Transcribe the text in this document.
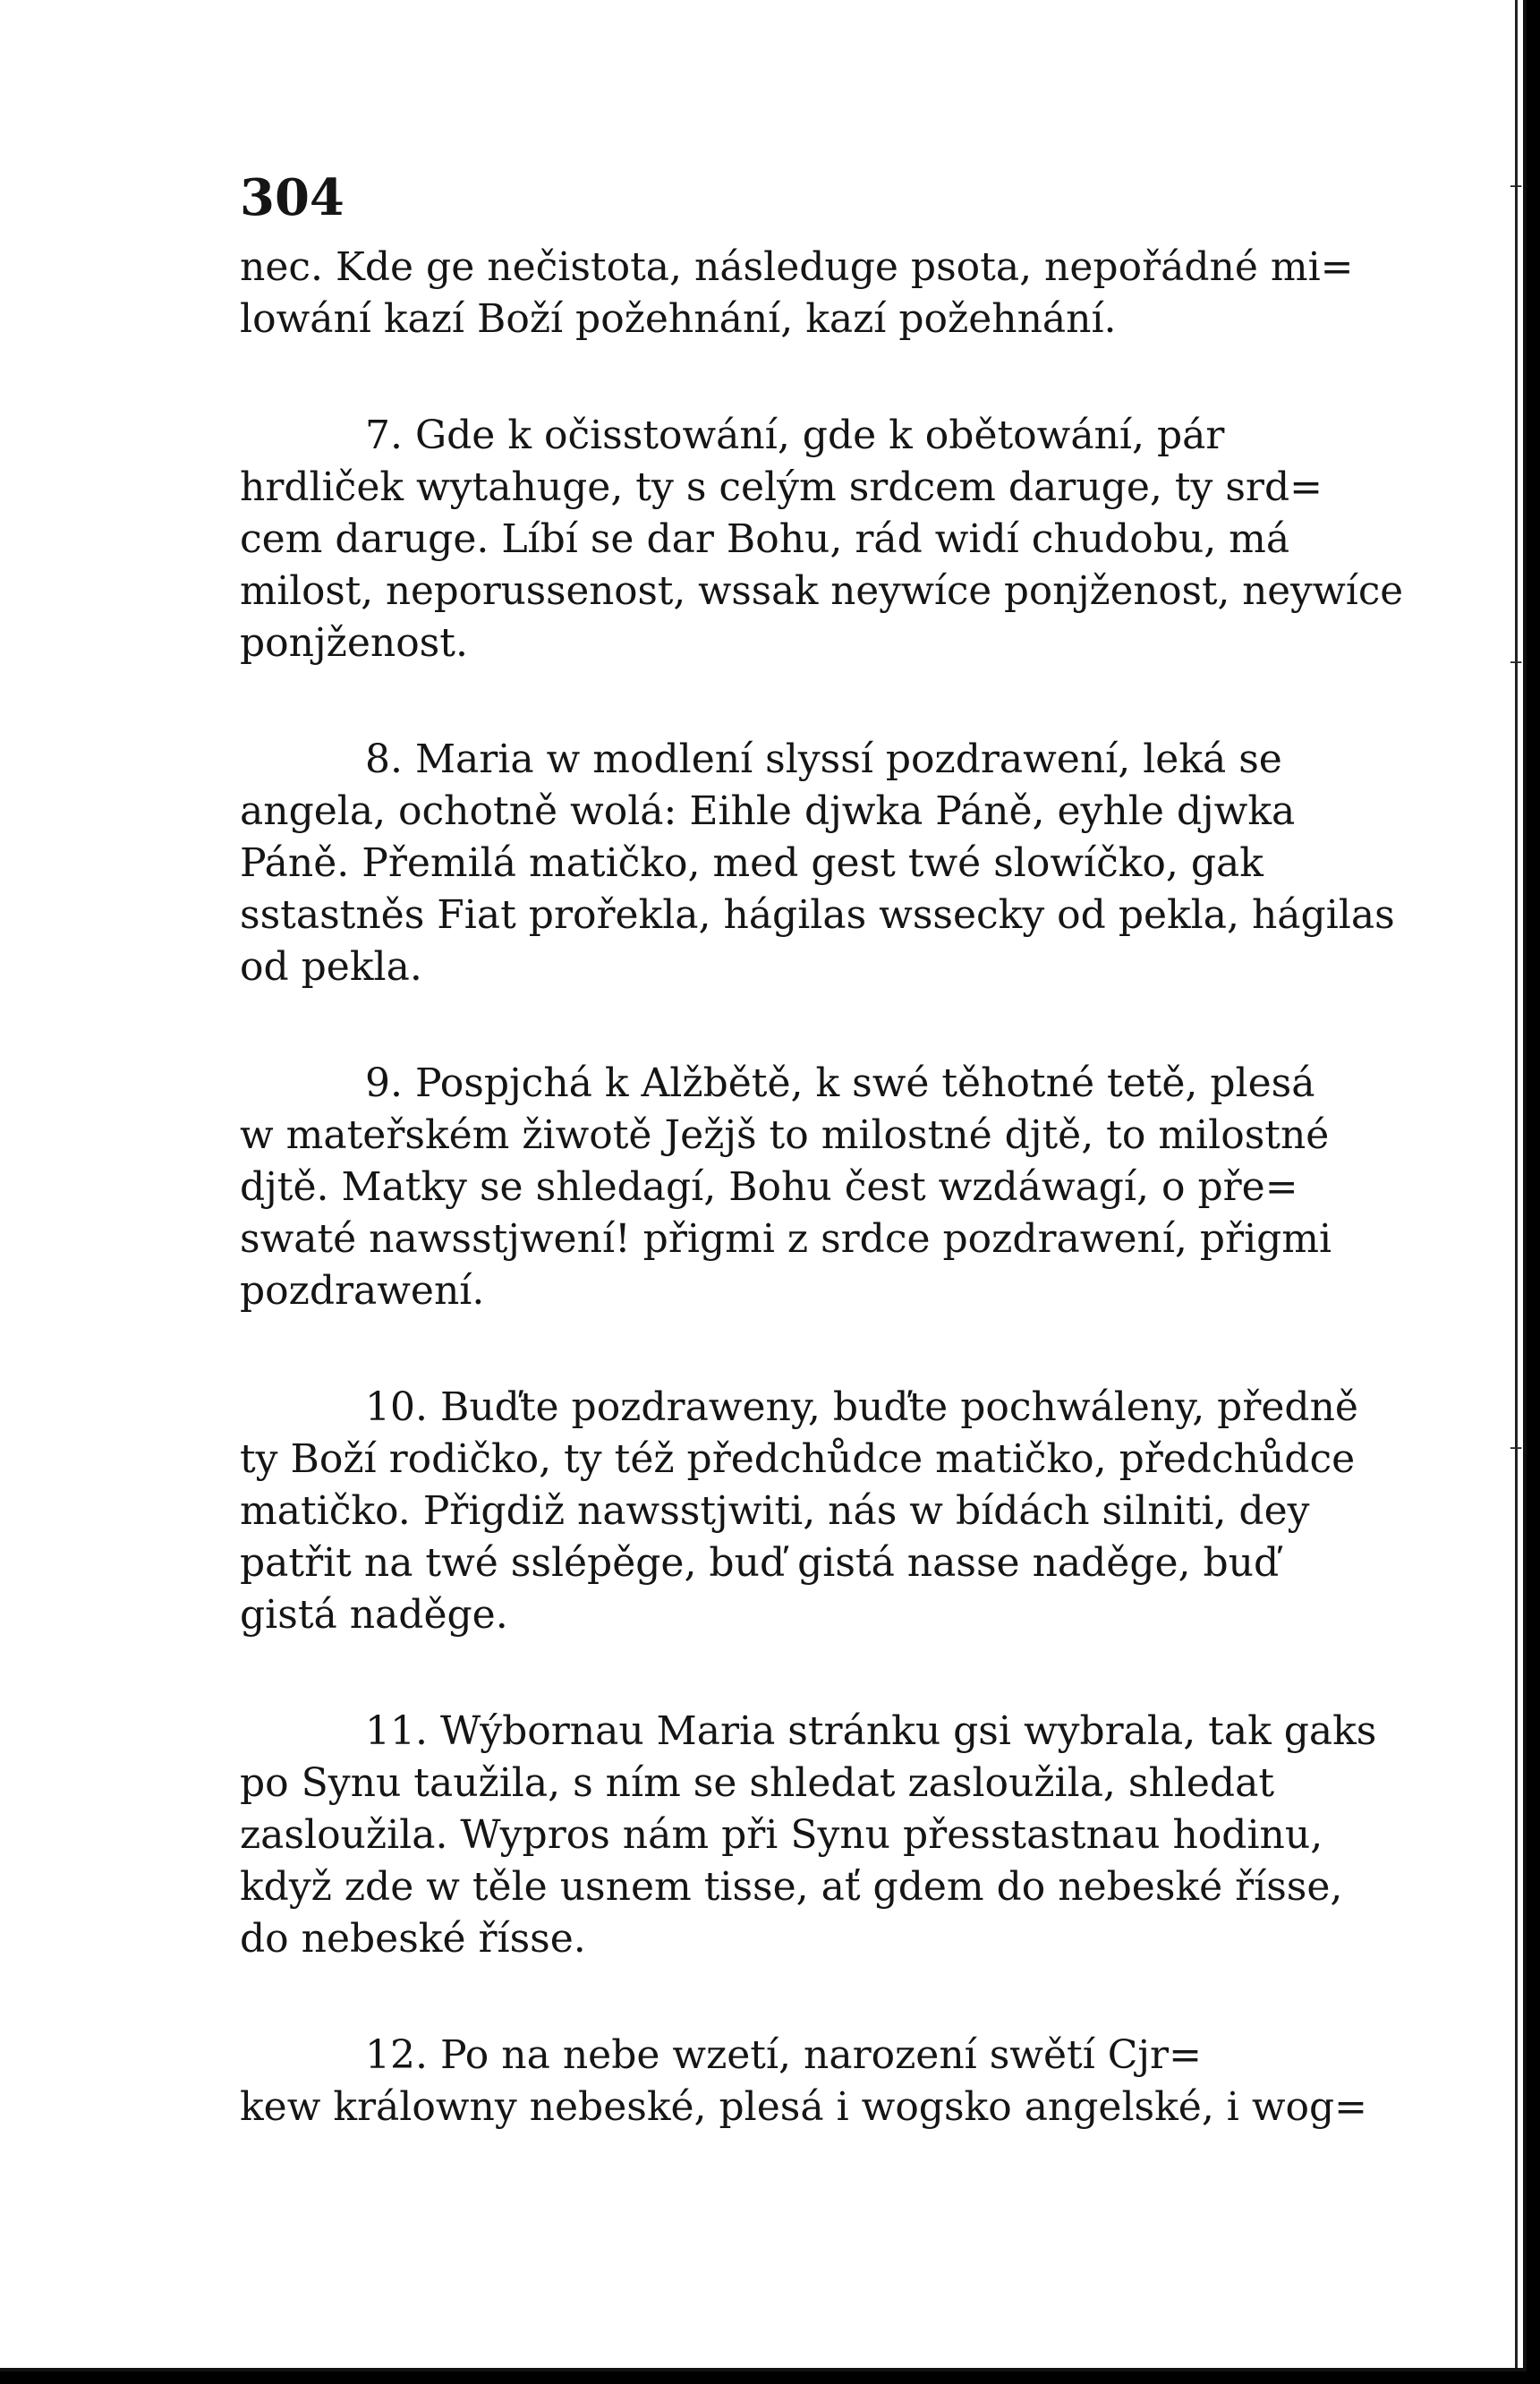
┼
┼
┼
304
nec. Kde ge nečistota, následuge psota, nepořádné mi=
lowání kazí Boží požehnání, kazí požehnání.
7. Gde k očisstowání, gde k obětowání, pár
hrdliček wytahuge, ty s celým srdcem daruge, ty srd=
cem daruge. Líbí se dar Bohu, rád widí chudobu, má
milost, neporussenost, wssak neywíce ponjženost, neywíce
ponjženost.
8. Maria w modlení slyssí pozdrawení, leká se
angela, ochotně wolá: Eihle djwka Páně, eyhle djwka
Páně. Přemilá matičko, med gest twé slowíčko, gak
sstastněs Fiat prořekla, hágilas wssecky od pekla, hágilas
od pekla.
9. Pospjchá k Alžbětě, k swé těhotné tetě, plesá
w mateřském žiwotě Ježjš to milostné djtě, to milostné
djtě. Matky se shledagí, Bohu čest wzdáwagí, o pře=
swaté nawsstjwení! přigmi z srdce pozdrawení, přigmi
pozdrawení.
10. Buďte pozdraweny, buďte pochwáleny, předně
ty Boží rodičko, ty též předchůdce matičko, předchůdce
matičko. Přigdiž nawsstjwiti, nás w bídách silniti, dey
patřit na twé sslépěge, buď gistá nasse naděge, buď
gistá naděge.
11. Wýbornau Maria stránku gsi wybrala, tak gaks
po Synu taužila, s ním se shledat zasloužila, shledat
zasloužila. Wypros nám při Synu přesstastnau hodinu,
když zde w těle usnem tisse, ať gdem do nebeské řísse,
do nebeské řísse.
12. Po na nebe wzetí, narození swětí Cjr=
kew králowny nebeské, plesá i wogsko angelské, i wog=
